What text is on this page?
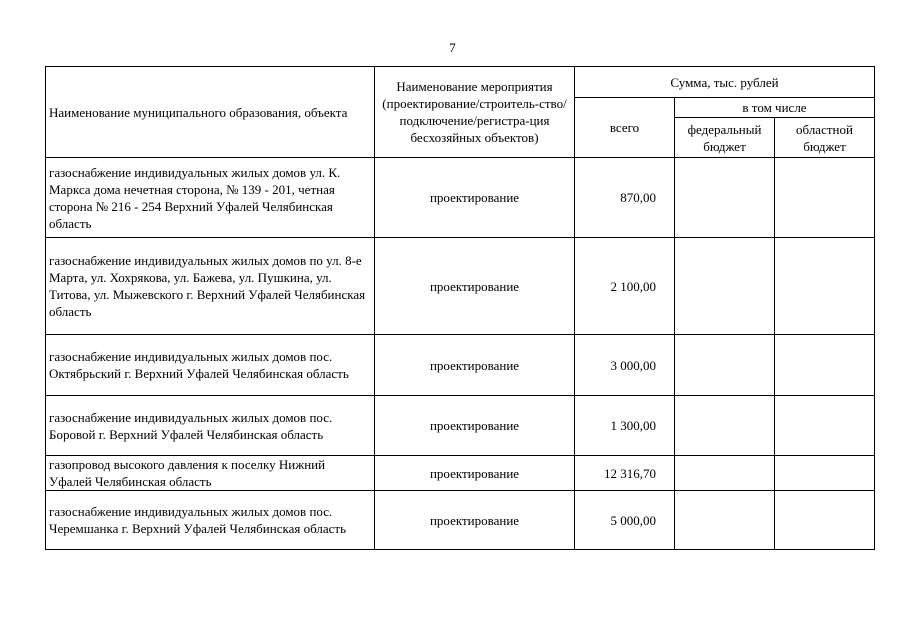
7
Наименование муниципального образования, объекта	Наименование мероприятия (проектирование/строитель-ство/подключение/регистра-ция бесхозяйных объектов)	Сумма, тыс. рублей		
		всего	в том числе	
			федеральный бюджет	областной бюджет
газоснабжение индивидуальных жилых домов ул. К. Маркса дома нечетная сторона, № 139 - 201, четная сторона № 216 - 254 Верхний Уфалей Челябинская область	проектирование	870,00		
газоснабжение индивидуальных жилых домов по ул. 8-е Марта, ул. Хохрякова, ул. Бажева, ул. Пушкина, ул. Титова, ул. Мыжевского г. Верхний Уфалей Челябинская область	проектирование	2 100,00		
газоснабжение индивидуальных жилых домов пос. Октябрьский г. Верхний Уфалей Челябинская область	проектирование	3 000,00		
газоснабжение индивидуальных жилых домов пос. Боровой г. Верхний Уфалей Челябинская область	проектирование	1 300,00		
газопровод высокого давления к поселку Нижний Уфалей Челябинская область	проектирование	12 316,70		
газоснабжение индивидуальных жилых домов пос. Черемшанка г. Верхний Уфалей Челябинская область	проектирование	5 000,00		
